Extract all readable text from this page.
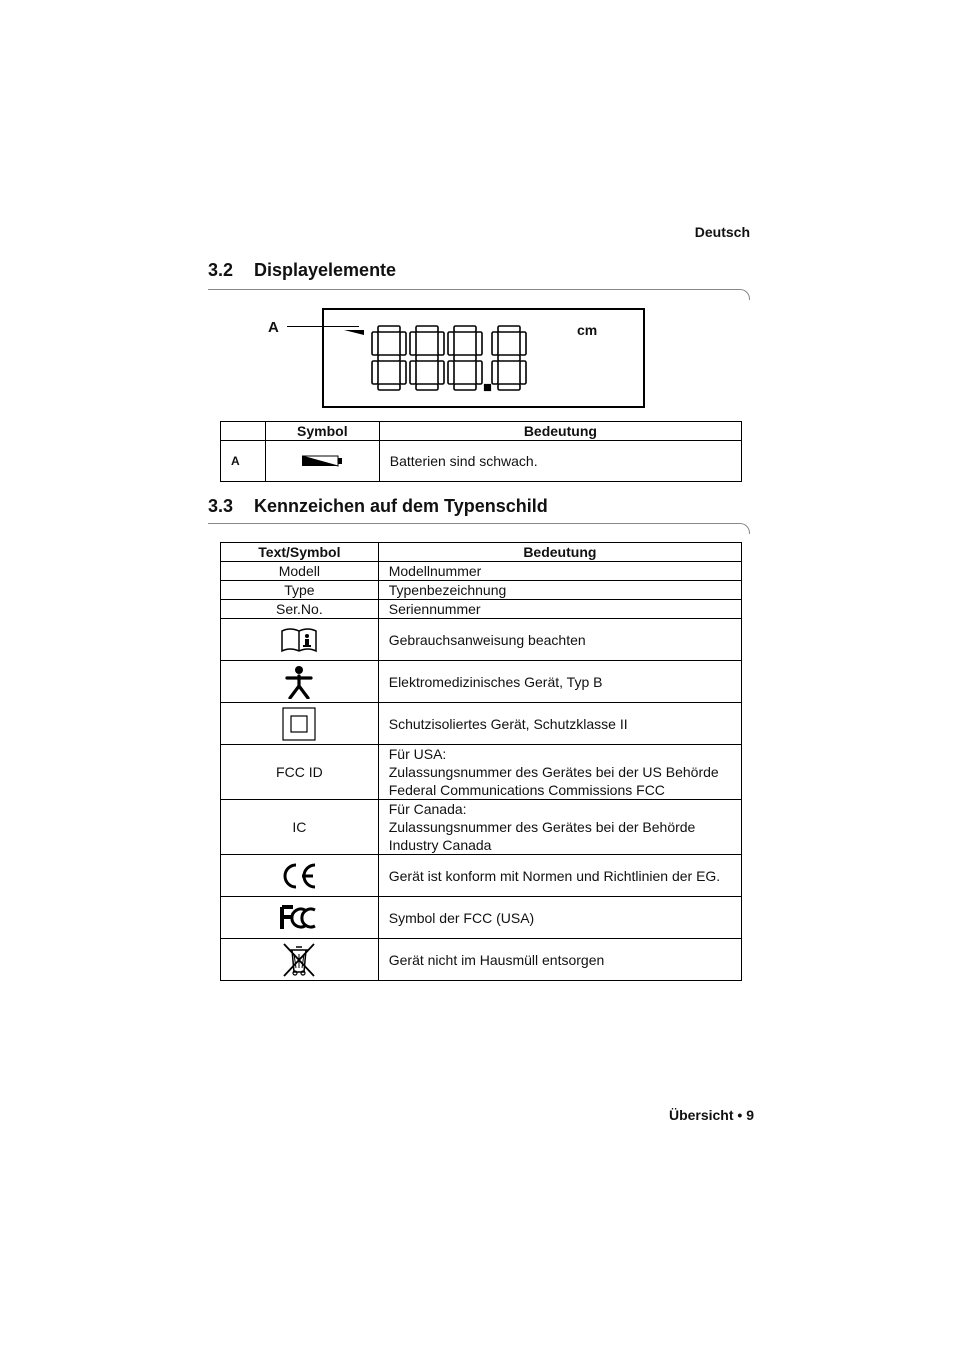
Deutsch
3.2 Displayelemente
A	cm
	Symbol	Bedeutung
A		Batterien sind schwach.
3.3 Kennzeichen auf dem Typenschild
Text/Symbol	Bedeutung
Modell	Modellnummer
Type	Typenbezeichnung
Ser.No.	Seriennummer

	Gebrauchsanweisung beachten

	Elektromedizinisches Gerät, Typ B

	Schutzisoliertes Gerät, Schutzklasse II
FCC ID	Für USA:
Zulassungsnummer des Gerätes bei der US Behörde
Federal Communications Commissions FCC

IC	Für Canada:
Zulassungsnummer des Gerätes bei der Behörde
Industry Canada

	Gerät ist konform mit Normen und Richtlinien der EG.

	Symbol der FCC (USA)

	Gerät nicht im Hausmüll entsorgen
Übersicht • 9
